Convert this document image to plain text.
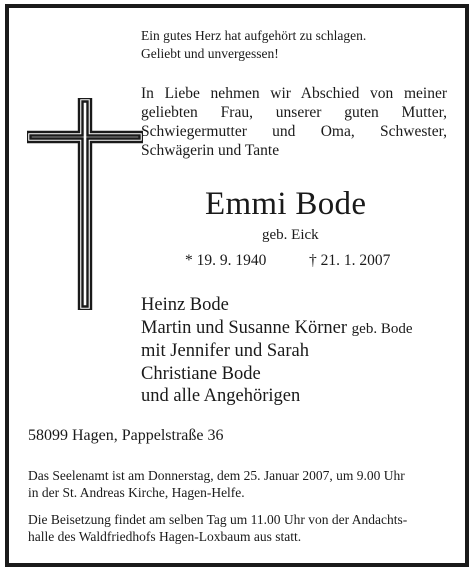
Ein gutes Herz hat aufgehört zu schlagen.
Geliebt und unvergessen!

In Liebe nehmen wir Abschied von meiner
geliebten Frau, unserer guten Mutter,
Schwiegermutter und Oma, Schwester,
Schwägerin und Tante

Emmi Bode

geb. Eick

* 19. 9. 1940	† 21. 1. 2007

Heinz Bode
Martin und Susanne Körner geb. Bode
mit Jennifer und Sarah
Christiane Bode
und alle Angehörigen

58099 Hagen, Pappelstraße 36

Das Seelenamt ist am Donnerstag, dem 25. Januar 2007, um 9.00 Uhr
in der St. Andreas Kirche, Hagen-Helfe.

Die Beisetzung findet am selben Tag um 11.00 Uhr von der Andachts-
halle des Waldfriedhofs Hagen-Loxbaum aus statt.
